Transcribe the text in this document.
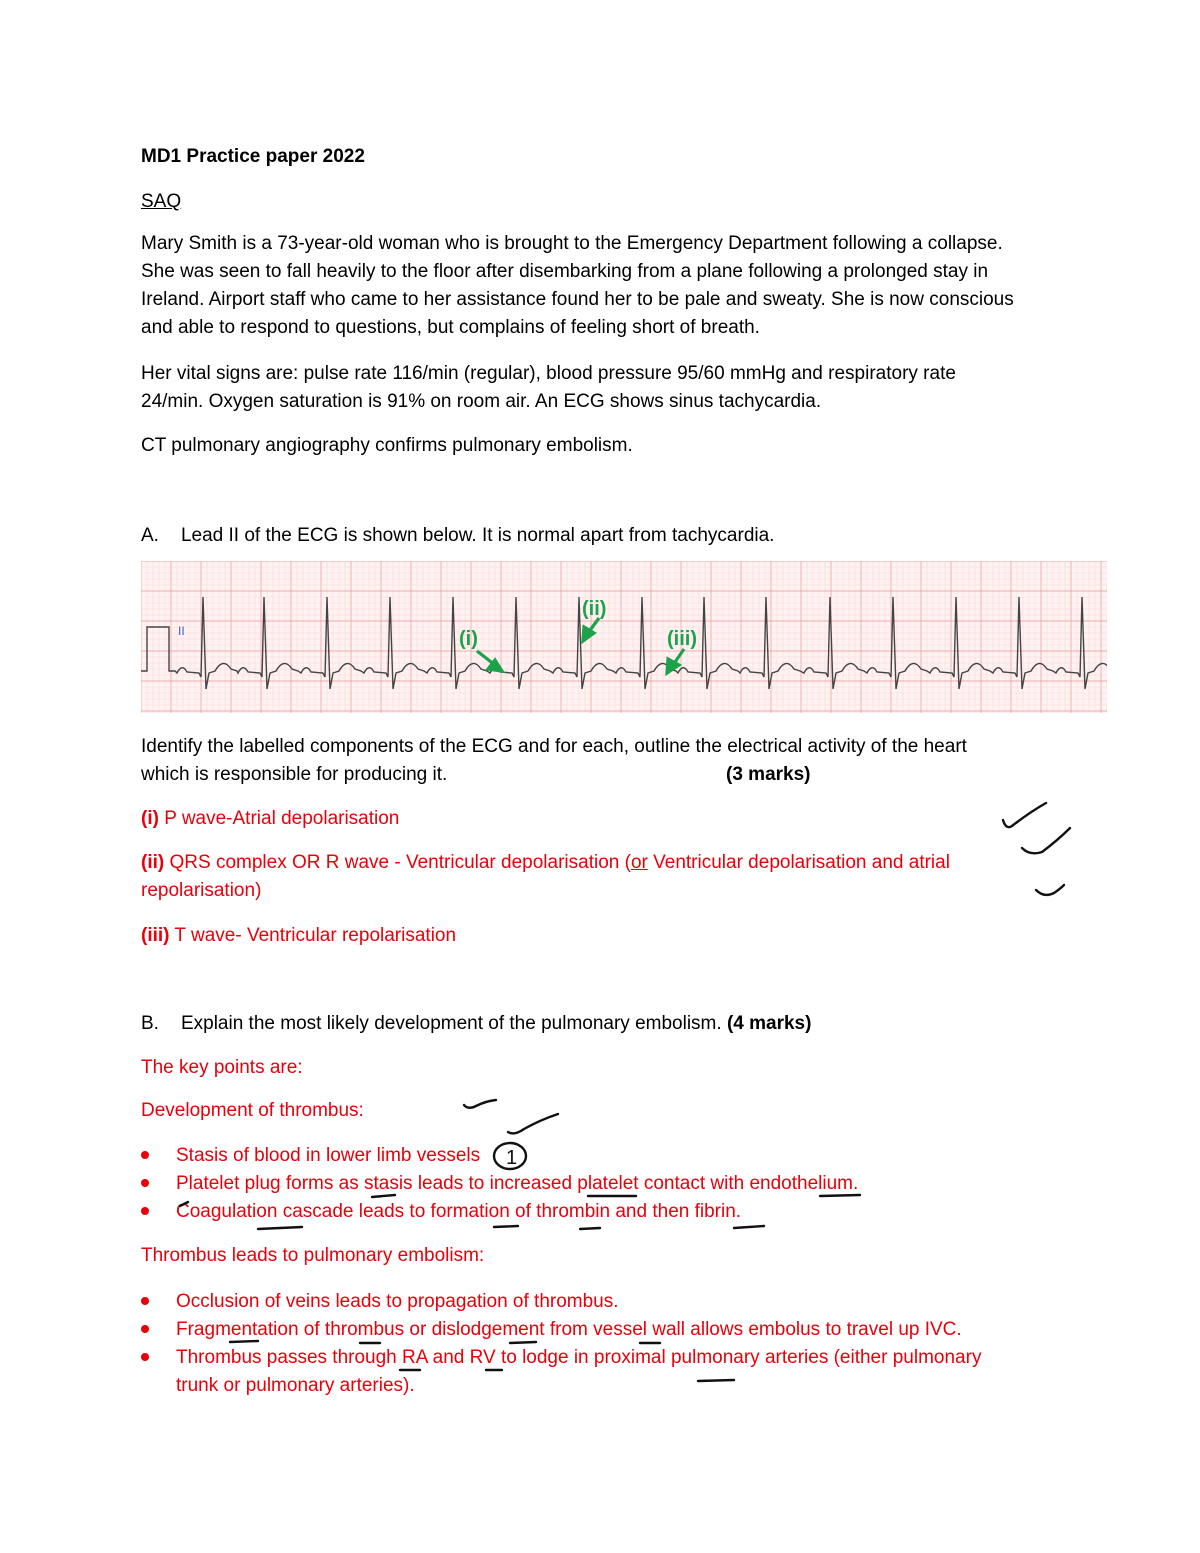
MD1 Practice paper 2022
SAQ
Mary Smith is a 73-year-old woman who is brought to the Emergency Department following a collapse.
She was seen to fall heavily to the floor after disembarking from a plane following a prolonged stay in
Ireland. Airport staff who came to her assistance found her to be pale and sweaty. She is now conscious
and able to respond to questions, but complains of feeling short of breath.
Her vital signs are: pulse rate 116/min (regular), blood pressure 95/60 mmHg and respiratory rate
24/min. Oxygen saturation is 91% on room air. An ECG shows sinus tachycardia.
CT pulmonary angiography confirms pulmonary embolism.
A. Lead II of the ECG is shown below. It is normal apart from tachycardia.
II	(i)
(ii)
(iii)
Identify the labelled components of the ECG and for each, outline the electrical activity of the heart
which is responsible for producing it.	(3 marks)
(i) P wave-Atrial depolarisation
(ii) QRS complex OR R wave - Ventricular depolarisation (or Ventricular depolarisation and atrial
repolarisation)
(iii) T wave- Ventricular repolarisation
B. Explain the most likely development of the pulmonary embolism. (4 marks)
The key points are:
Development of thrombus:
Stasis of blood in lower limb vessels
Platelet plug forms as stasis leads to increased platelet contact with endothelium.
Coagulation cascade leads to formation of thrombin and then fibrin.
Thrombus leads to pulmonary embolism:
Occlusion of veins leads to propagation of thrombus.
Fragmentation of thrombus or dislodgement from vessel wall allows embolus to travel up IVC.
Thrombus passes through RA and RV to lodge in proximal pulmonary arteries (either pulmonary
trunk or pulmonary arteries).
1
